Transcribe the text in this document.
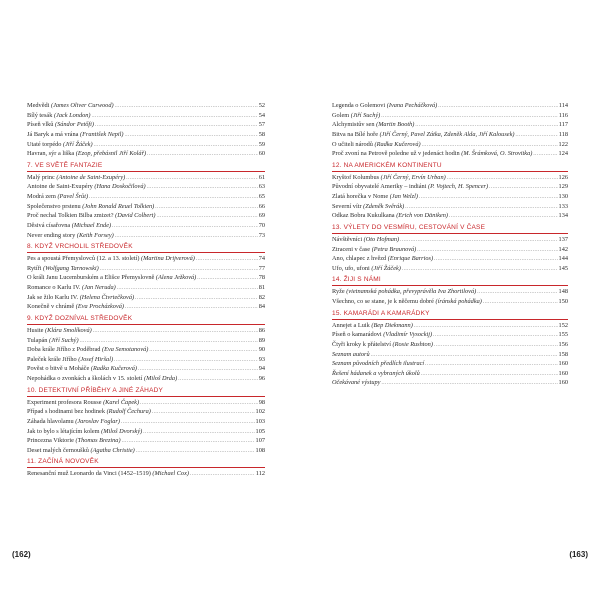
Medvědi (James Oliver Curwood) .....	52
Bílý tesák (Jack London) .....	54
Píseň vlků (Sándor Petőfi) .....	57
Já Baryk a má vrána (František Nepil) .....	58
Utaté torpédo (Jiří Žáček) .....	59
Havran, sýr a liška (Ezop, přebásnil Jiří Kolář) .....	60
7. VE SVĚTĚ FANTAZIE
Malý princ (Antoine de Saint-Exupéry) .....	61
Antoine de Saint-Exupéry (Hana Doskočilová) .....	63
Modrá zem (Pavel Šrůt) .....	65
Společenstvo prstenu (John Ronald Reuel Tolkien) .....	66
Proč nechal Tolkien Bilba zmizet? (David Colbert) .....	69
Děsivá císařovna (Michael Ende) .....	70
Never ending story (Keith Forsey) .....	73
8. KDYŽ VRCHOLIL STŘEDOVĚK
Pes a spoustá Přemyslovců (12. a 13. století) (Martina Drijverová) .....	74
Rytíři (Wolfgang Tarnowski) .....	77
O králi Janu Lucemburském a Elišce Přemyslovně (Alena Ježková) .....	78
Romance o Karlu IV. (Jan Neruda) .....	81
Jak se žilo Karlu IV. (Helena Čtvrtečková) .....	82
Konečně v chrámě (Eva Procházková) .....	84
9. KDYŽ DOZNÍVAL STŘEDOVĚK
Husite (Klára Smolíková) .....	86
Tulapán (Jiří Suchý) .....	89
Doba krále Jiřího z Poděbrad (Eva Semotanová) .....	90
Paleček krále Jiřího (Josef Hiršal) .....	93
Pověst o bitvě u Moháče (Radka Kučerová) .....	94
Nepohádka o zvonkách a školách v 15. století (Miloš Drda) .....	96
10. DETEKTIVNÍ PŘÍBĚHY A JINÉ ZÁHADY
Experiment profesora Rousse (Karel Čapek) .....	98
Případ s hodinami bez hodinek (Rudolf Čechura) .....	102
Záhada hlavolamu (Jaroslav Foglar) .....	103
Jak to bylo s létajícím kolem (Miloš Dvorský) .....	105
Princezna Viktorie (Thomas Brezina) .....	107
Deset malých černoušků (Agatha Christie) .....	108
11. ZAČÍNÁ NOVOVĚK
Renesanční muž Leonardo da Vinci (1452–1519) (Michael Cox) .....	112
(162)
Legenda o Golemovi (Ivana Pecháčková) .....	114
Golem (Jiří Suchý) .....	116
Alchymistův sen (Martin Booth) .....	117
Bitva na Bílé hoře (Jiří Černý, Pavel Zátka, Zdeněk Alda, Jiří Kalousek) .....	118
O učiteli národů (Radka Kučerová) .....	122
Proč zvoní na Petrově poledne už v jedenáct hodin (M. Šrámková, O. Strovitka) .....	124
12. NA AMERICKÉM KONTINENTU
Kryštof Kolumbus (Jiří Černý, Ervín Urban) .....	126
Původní obyvatelé Ameriky – indiáni (P. Vojtech, H. Spencer) .....	129
Zlatá horečka v Nome (Jan Welzl) .....	130
Severní vítr (Zdeněk Svěrák) .....	133
Odkaz Bobra Kukulkana (Erich von Däniken) .....	134
13. VÝLETY DO VESMÍRU, CESTOVÁNÍ V ČASE
Návštěvníci (Oto Hofman) .....	137
Ztraceni v čase (Petra Braunová) .....	142
Ano, chlapec z hvězd (Enrique Barrios) .....	144
Ufo, ufo, ufoni (Jiří Žáček) .....	145
14. ŽIJI S NÁMI
Ryže (vietnamská pohádka, převyprávěla Iva Zhortilová) .....	148
Všechno, co se stane, je k něčemu dobré (íránská pohádka) .....	150
15. KAMARÁDI A KAMARÁDKY
Annejet a Luik (Bep Diekmann) .....	152
Píseň o kamarádovi (Vladimír Vysockij) .....	155
Čtyři kroky k přátelství (Rosie Rushton) .....	156
Seznam autorů .....	158
Seznam původních předlích ilustrací .....	160
Řešení hádanek a vybraných úkolů .....	160
Očekávané výstupy .....	160
(163)
